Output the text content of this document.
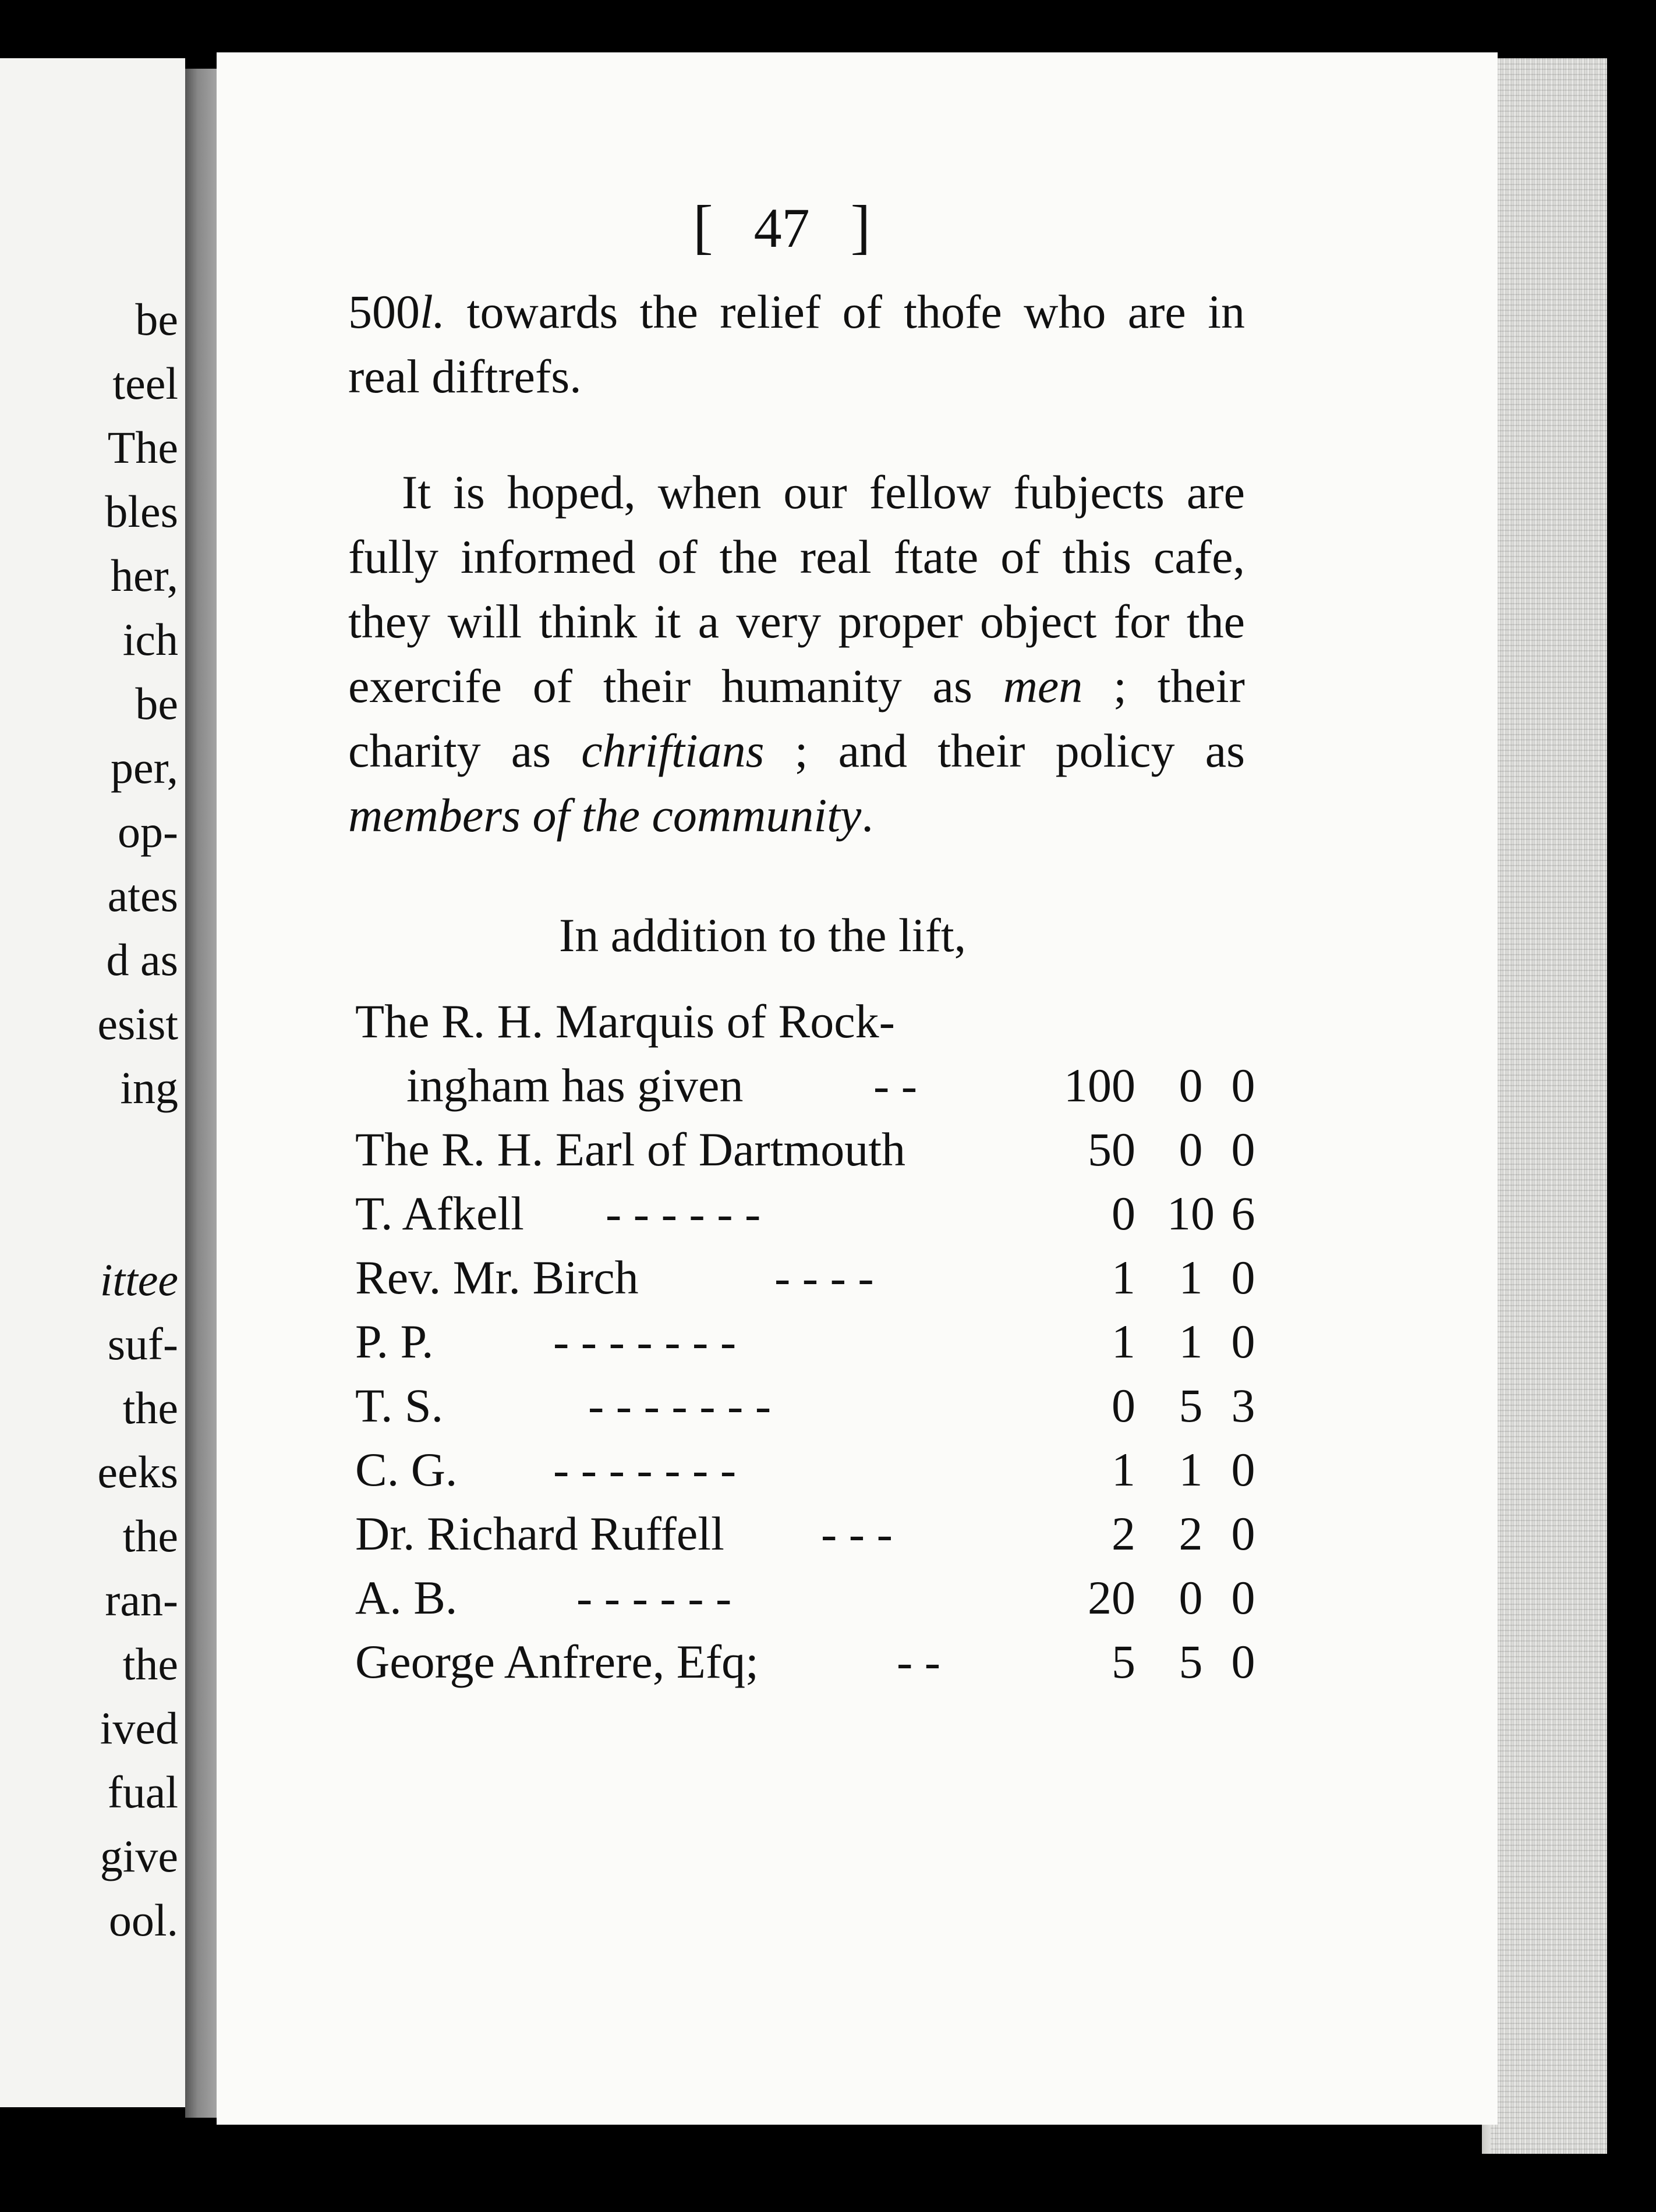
be
teel
The
bles
her,
ich
be
per,
op-
ates
d as
esist
ing
ittee
suf-
the
eeks
the
ran-
the
ived
fual
give
ool.
[ 47 ]
500l. towards the relief of thofe who are in real diftrefs.
It is hoped, when our fellow fubjects are fully informed of the real ftate of this cafe, they will think it a very proper object for the exercife of their humanity as men ; their charity as chriftians ; and their policy as members of the community.
In addition to the lift,
The R. H. Marquis of Rock-
ingham has given	- -	100 0 0
The R. H. Earl of Dartmouth	50 0 0
T. Afkell - - - - - -	0 10 6
Rev. Mr. Birch	- - - -	1 1 0
P. P.	- - - - - - -	1 1 0
T. S.	- - - - - - -	0 5 3
C. G. - - - - - - -	1 1 0
Dr. Richard Ruffell - - -	2 2 0
A. B. - - - - - -	20 0 0
George Anfrere, Efq;	- -	5 5 0
